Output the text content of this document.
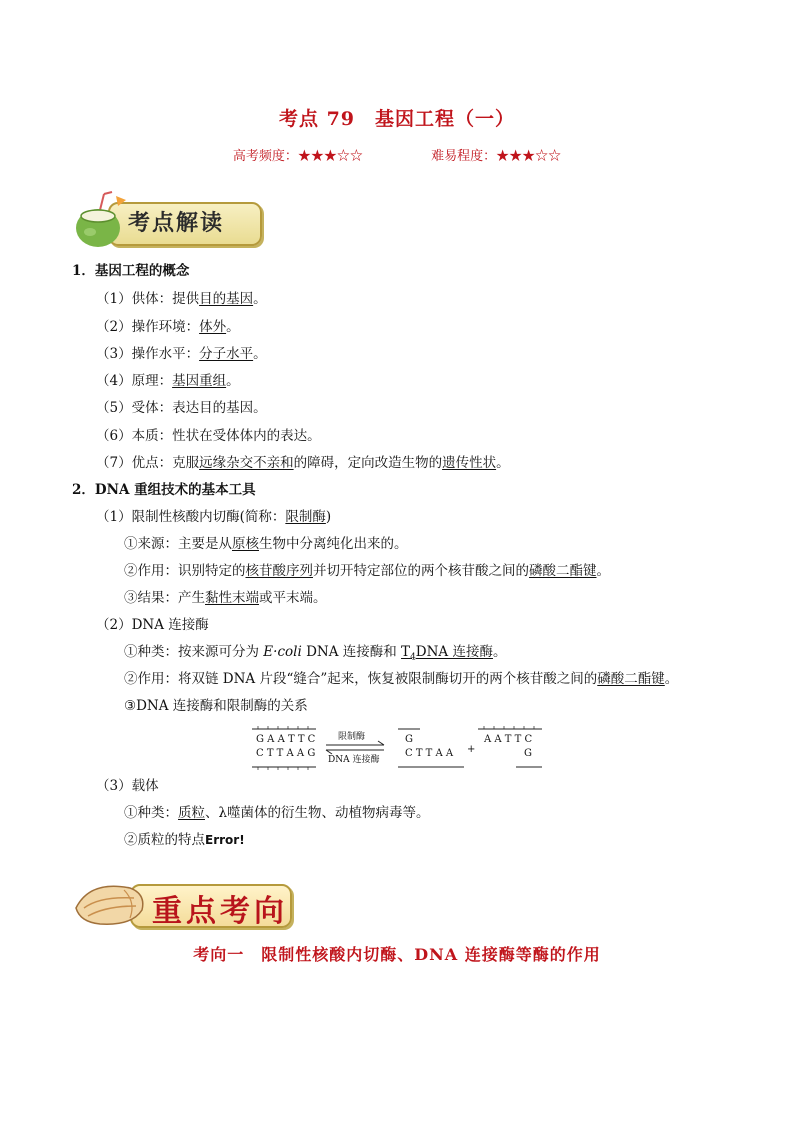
考点 79　基因工程（一）
高考频度：★★★☆☆	难易程度：★★★☆☆
考点解读
1．基因工程的概念
（1）供体：提供目的基因。
（2）操作环境：体外。
（3）操作水平：分子水平。
（4）原理：基因重组。
（5）受体：表达目的基因。
（6）本质：性状在受体体内的表达。
（7）优点：克服远缘杂交不亲和的障碍，定向改造生物的遗传性状。
2．DNA 重组技术的基本工具
（1）限制性核酸内切酶(简称：限制酶)
①来源：主要是从原核生物中分离纯化出来的。
②作用：识别特定的核苷酸序列并切开特定部位的两个核苷酸之间的磷酸二酯键。
③结果：产生黏性末端或平末端。
（2）DNA 连接酶
①种类：按来源可分为 E·coli DNA 连接酶和 $T_4DNA$ 连接酶。
②作用：将双链 DNA 片段“缝合”起来，恢复被限制酶切开的两个核苷酸之间的磷酸二酯键。
③DNA 连接酶和限制酶的关系
G A A T T C
C T T A A G
限制酶
DNA 连接酶
G
C T T A A +
A A T T C
G
（3）载体
①种类：质粒、λ噬菌体的衍生物、动植物病毒等。
②质粒的特点Error!
重点考向
考向一　限制性核酸内切酶、DNA 连接酶等酶的作用
